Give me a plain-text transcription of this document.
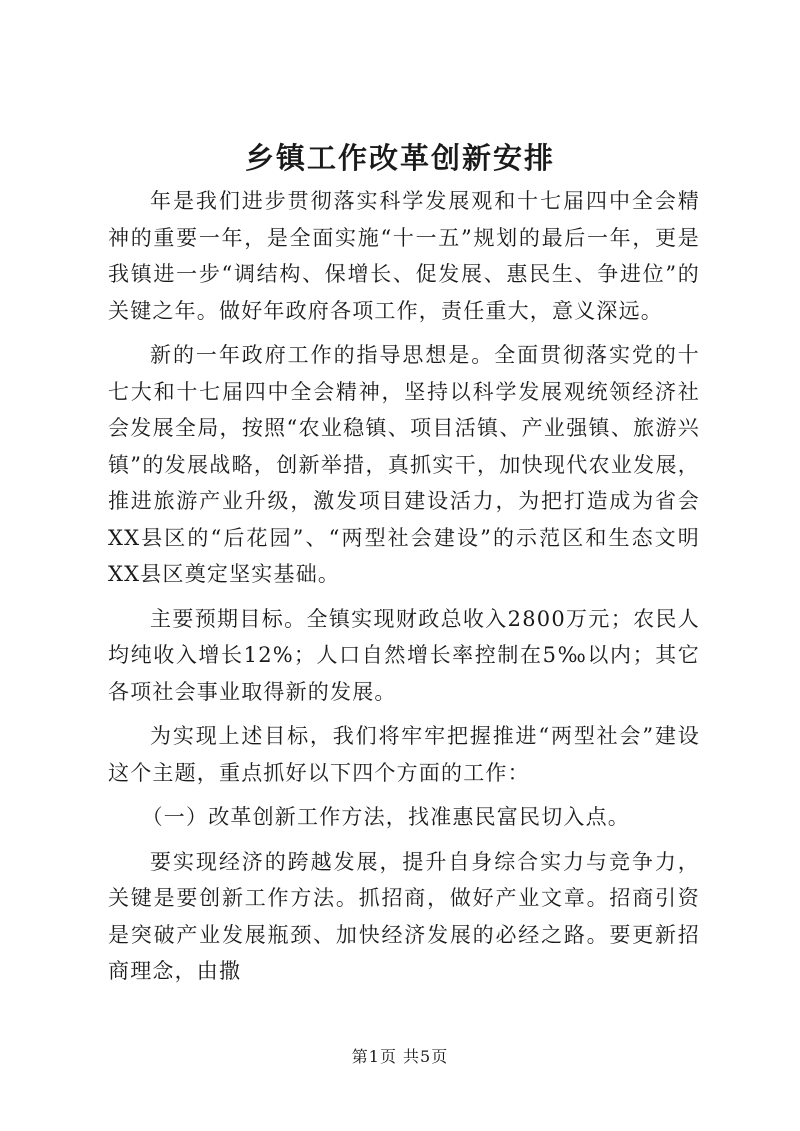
乡镇工作改革创新安排

年是我们进步贯彻落实科学发展观和十七届四中全会精神的重要一年，是全面实施“十一五”规划的最后一年，更是我镇进一步“调结构、保增长、促发展、惠民生、争进位”的关键之年。做好年政府各项工作，责任重大，意义深远。

新的一年政府工作的指导思想是。全面贯彻落实党的十七大和十七届四中全会精神，坚持以科学发展观统领经济社会发展全局，按照“农业稳镇、项目活镇、产业强镇、旅游兴镇”的发展战略，创新举措，真抓实干，加快现代农业发展，推进旅游产业升级，激发项目建设活力，为把打造成为省会XX县区的“后花园”、“两型社会建设”的示范区和生态文明XX县区奠定坚实基础。

主要预期目标。全镇实现财政总收入2800万元；农民人均纯收入增长12%；人口自然增长率控制在5‰以内；其它各项社会事业取得新的发展。

为实现上述目标，我们将牢牢把握推进“两型社会”建设这个主题，重点抓好以下四个方面的工作：

（一）改革创新工作方法，找准惠民富民切入点。

要实现经济的跨越发展，提升自身综合实力与竞争力，关键是要创新工作方法。抓招商，做好产业文章。招商引资是突破产业发展瓶颈、加快经济发展的必经之路。要更新招商理念，由撒

第1页 共5页
